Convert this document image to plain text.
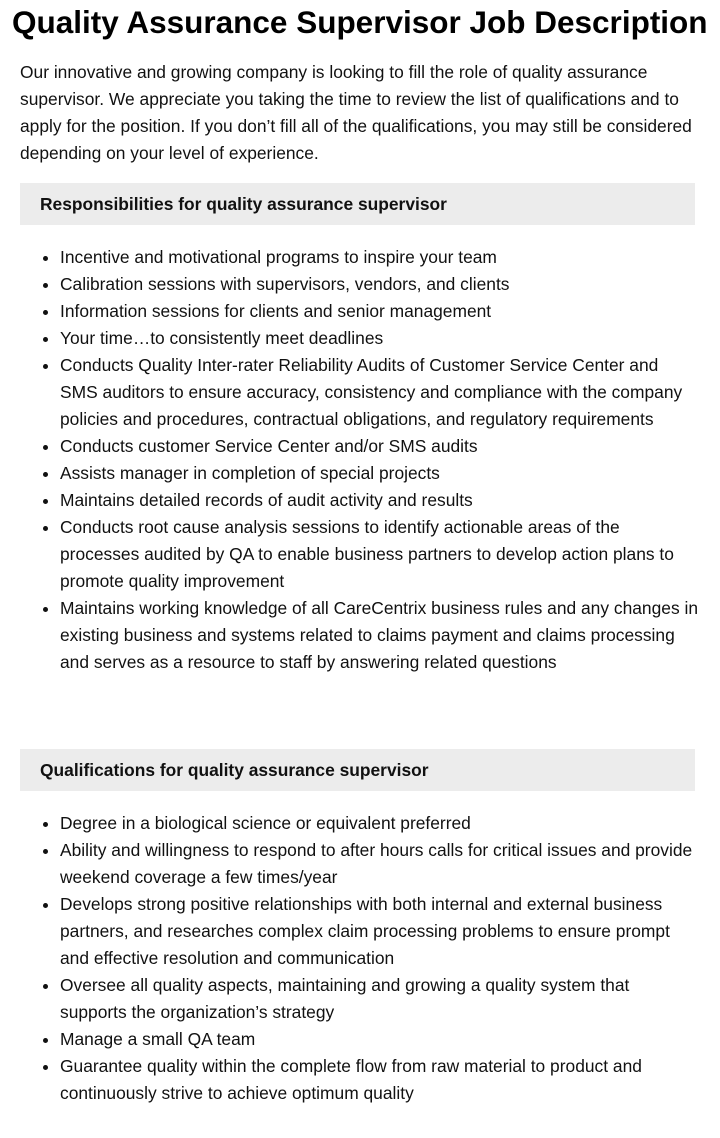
Quality Assurance Supervisor Job Description

Our innovative and growing company is looking to fill the role of quality assurance supervisor. We appreciate you taking the time to review the list of qualifications and to apply for the position. If you don’t fill all of the qualifications, you may still be considered depending on your level of experience.

Responsibilities for quality assurance supervisor
• Incentive and motivational programs to inspire your team
• Calibration sessions with supervisors, vendors, and clients
• Information sessions for clients and senior management
• Your time…to consistently meet deadlines
• Conducts Quality Inter-rater Reliability Audits of Customer Service Center and SMS auditors to ensure accuracy, consistency and compliance with the company policies and procedures, contractual obligations, and regulatory requirements
• Conducts customer Service Center and/or SMS audits
• Assists manager in completion of special projects
• Maintains detailed records of audit activity and results
• Conducts root cause analysis sessions to identify actionable areas of the processes audited by QA to enable business partners to develop action plans to promote quality improvement
• Maintains working knowledge of all CareCentrix business rules and any changes in existing business and systems related to claims payment and claims processing and serves as a resource to staff by answering related questions
Qualifications for quality assurance supervisor
• Degree in a biological science or equivalent preferred
• Ability and willingness to respond to after hours calls for critical issues and provide weekend coverage a few times/year
• Develops strong positive relationships with both internal and external business partners, and researches complex claim processing problems to ensure prompt and effective resolution and communication
• Oversee all quality aspects, maintaining and growing a quality system that supports the organization’s strategy
• Manage a small QA team
• Guarantee quality within the complete flow from raw material to product and continuously strive to achieve optimum quality
